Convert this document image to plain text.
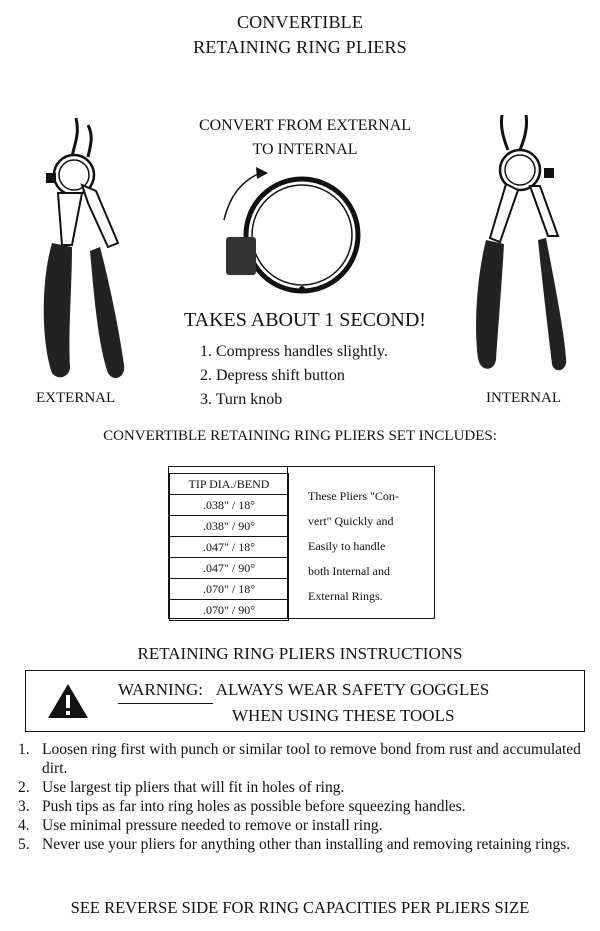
CONVERTIBLE
RETAINING RING PLIERS
CONVERT FROM EXTERNAL
TO INTERNAL
TAKES ABOUT 1 SECOND!
1. Compress handles slightly.
2. Depress shift button
3. Turn knob
EXTERNAL	INTERNAL
CONVERTIBLE RETAINING RING PLIERS SET INCLUDES:
TIP DIA./BEND
.038" / 18°
.038" / 90°
.047" / 18°
.047" / 90°
.070" / 18°
.070" / 90°
These Pliers "Con-
vert" Quickly and
Easily to handle
both Internal and
External Rings.
RETAINING RING PLIERS INSTRUCTIONS
WARNING: ALWAYS WEAR SAFETY GOGGLES
WHEN USING THESE TOOLS
1. Loosen ring first with punch or similar tool to remove bond from rust and accumulated dirt.
2. Use largest tip pliers that will fit in holes of ring.
3. Push tips as far into ring holes as possible before squeezing handles.
4. Use minimal pressure needed to remove or install ring.
5. Never use your pliers for anything other than installing and removing retaining rings.
SEE REVERSE SIDE FOR RING CAPACITIES PER PLIERS SIZE
